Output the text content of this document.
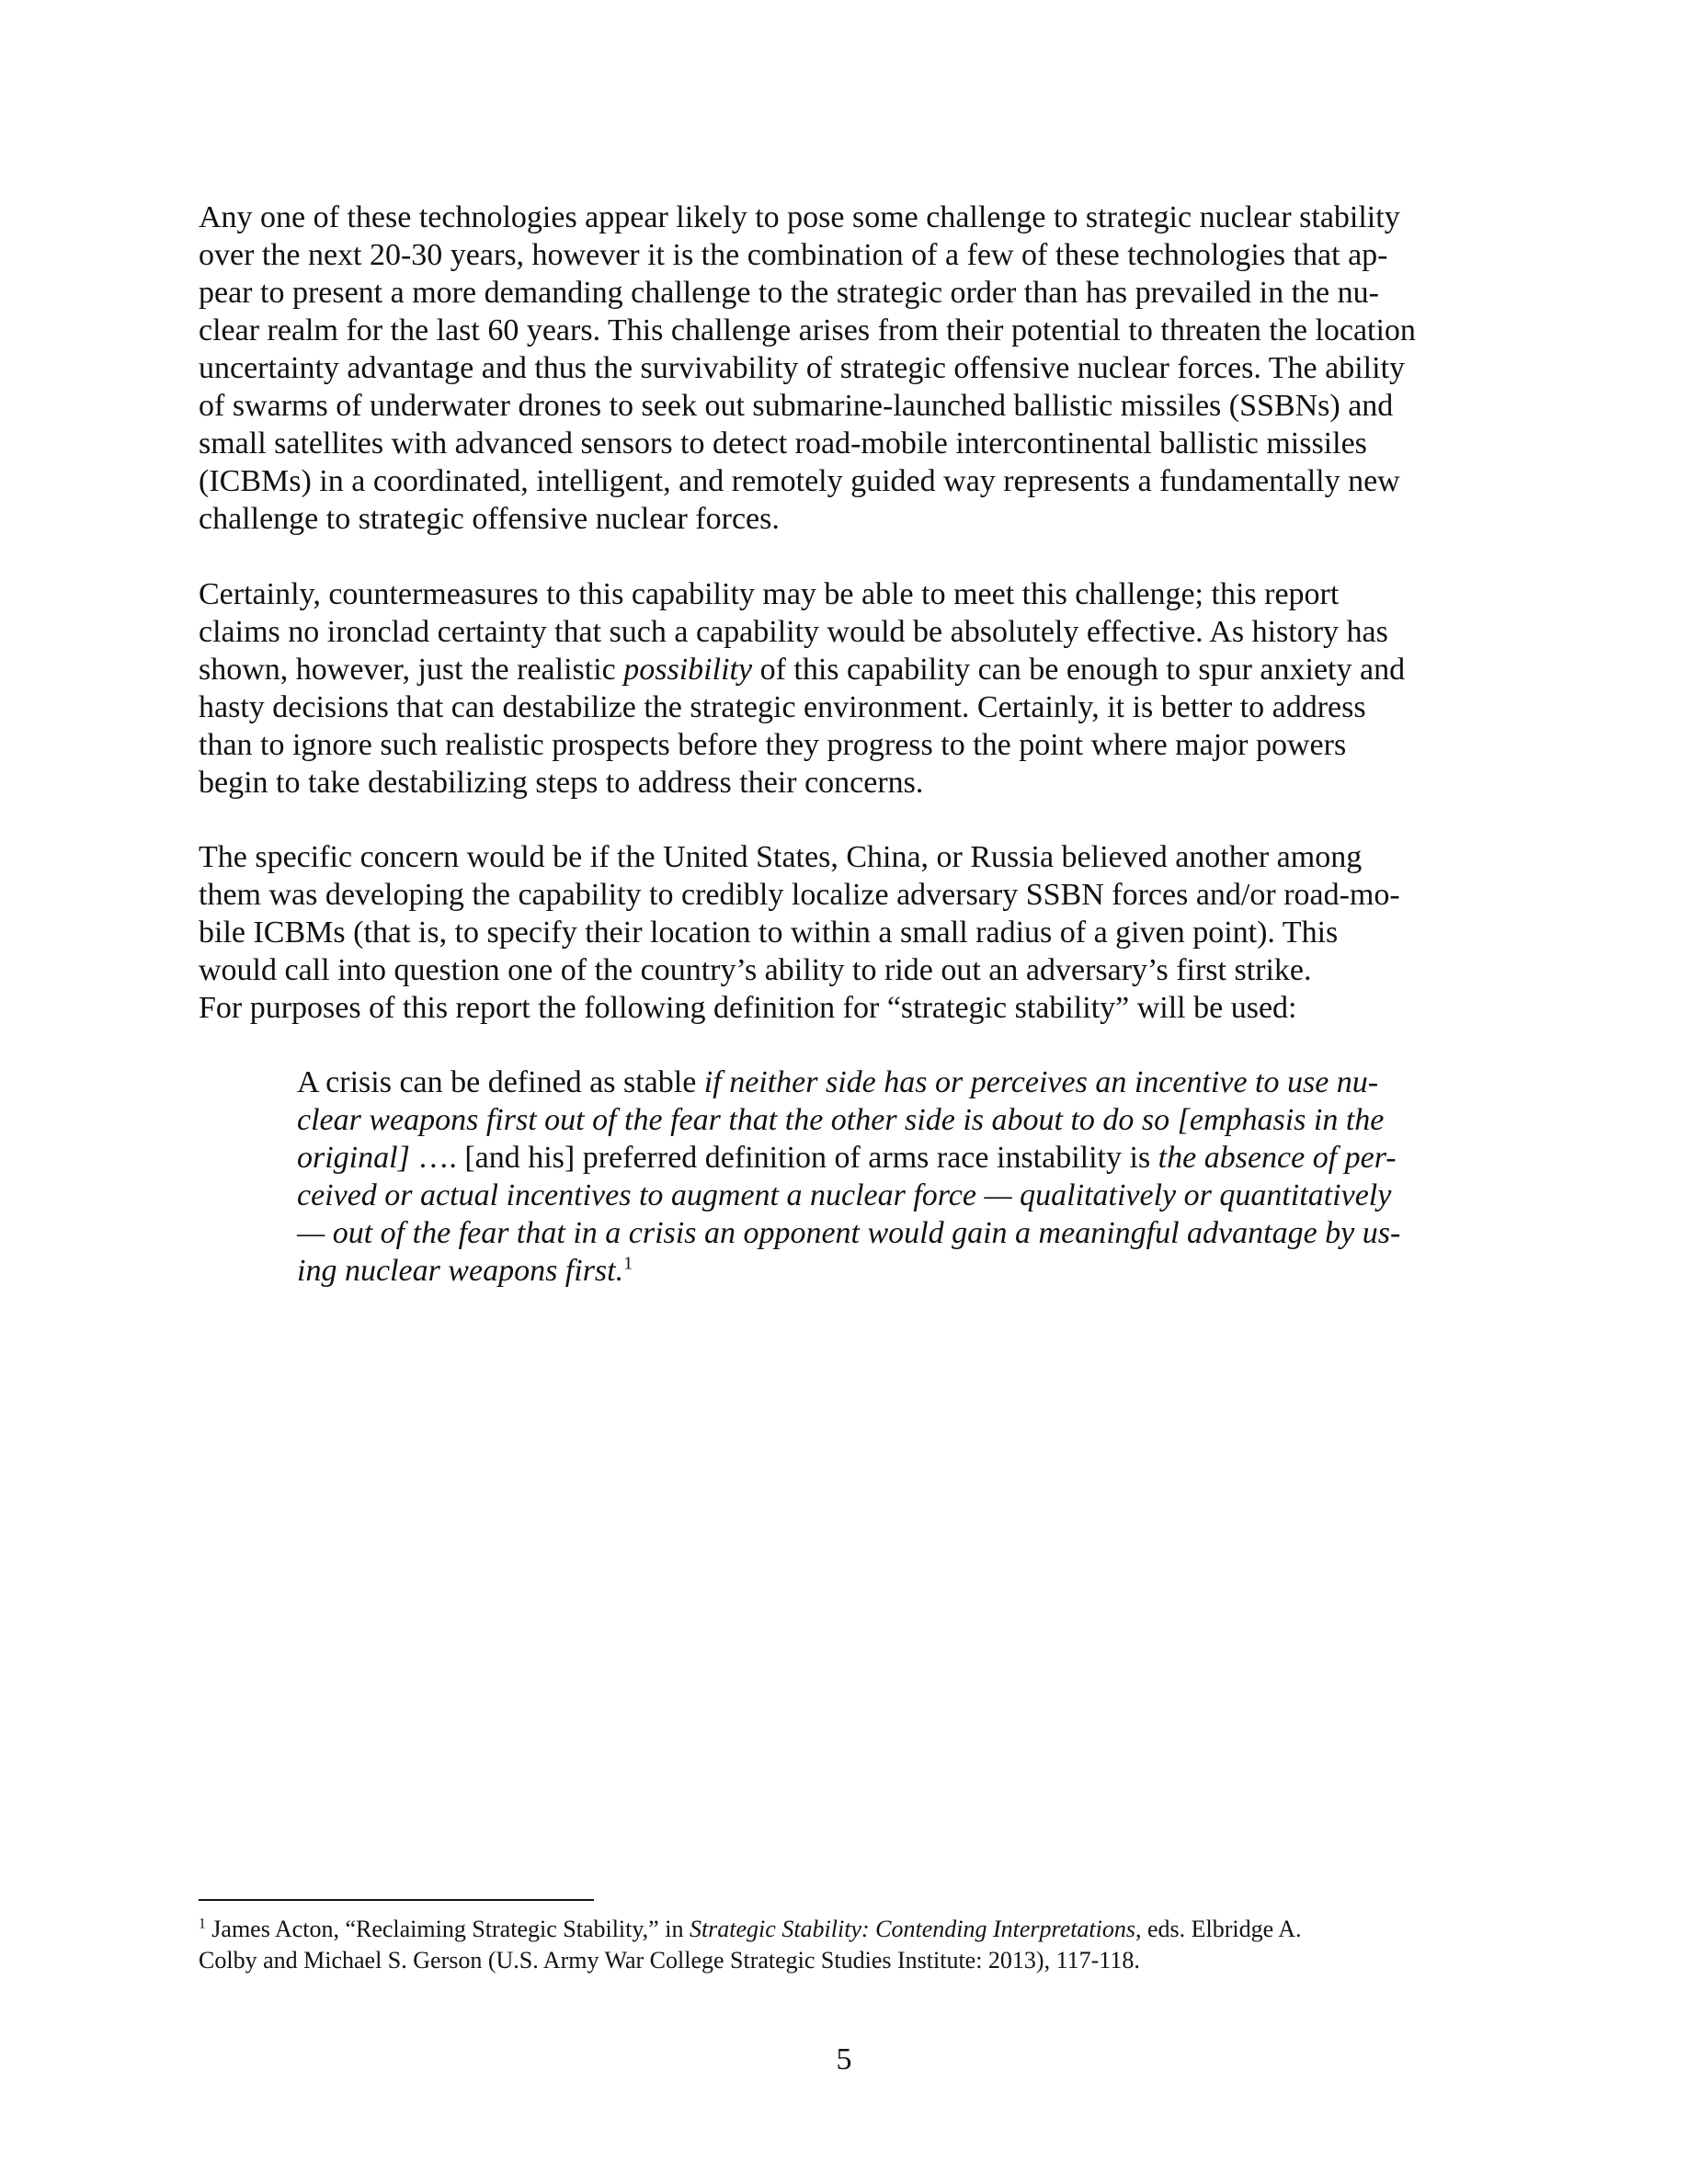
Any one of these technologies appear likely to pose some challenge to strategic nuclear stability
over the next 20-30 years, however it is the combination of a few of these technologies that ap-
pear to present a more demanding challenge to the strategic order than has prevailed in the nu-
clear realm for the last 60 years. This challenge arises from their potential to threaten the location
uncertainty advantage and thus the survivability of strategic offensive nuclear forces. The ability
of swarms of underwater drones to seek out submarine-launched ballistic missiles (SSBNs) and
small satellites with advanced sensors to detect road-mobile intercontinental ballistic missiles
(ICBMs) in a coordinated, intelligent, and remotely guided way represents a fundamentally new
challenge to strategic offensive nuclear forces.
Certainly, countermeasures to this capability may be able to meet this challenge; this report
claims no ironclad certainty that such a capability would be absolutely effective. As history has
shown, however, just the realistic possibility of this capability can be enough to spur anxiety and
hasty decisions that can destabilize the strategic environment. Certainly, it is better to address
than to ignore such realistic prospects before they progress to the point where major powers
begin to take destabilizing steps to address their concerns.
The specific concern would be if the United States, China, or Russia believed another among
them was developing the capability to credibly localize adversary SSBN forces and/or road-mo-
bile ICBMs (that is, to specify their location to within a small radius of a given point). This
would call into question one of the country’s ability to ride out an adversary’s first strike.
For purposes of this report the following definition for “strategic stability” will be used:
A crisis can be defined as stable if neither side has or perceives an incentive to use nu-
clear weapons first out of the fear that the other side is about to do so [emphasis in the
original] …. [and his] preferred definition of arms race instability is the absence of per-
ceived or actual incentives to augment a nuclear force — qualitatively or quantitatively
— out of the fear that in a crisis an opponent would gain a meaningful advantage by us-
ing nuclear weapons first.$^1$
$^1$ James Acton, “Reclaiming Strategic Stability,” in Strategic Stability: Contending Interpretations, eds. Elbridge A.
Colby and Michael S. Gerson (U.S. Army War College Strategic Studies Institute: 2013), 117-118.
5
